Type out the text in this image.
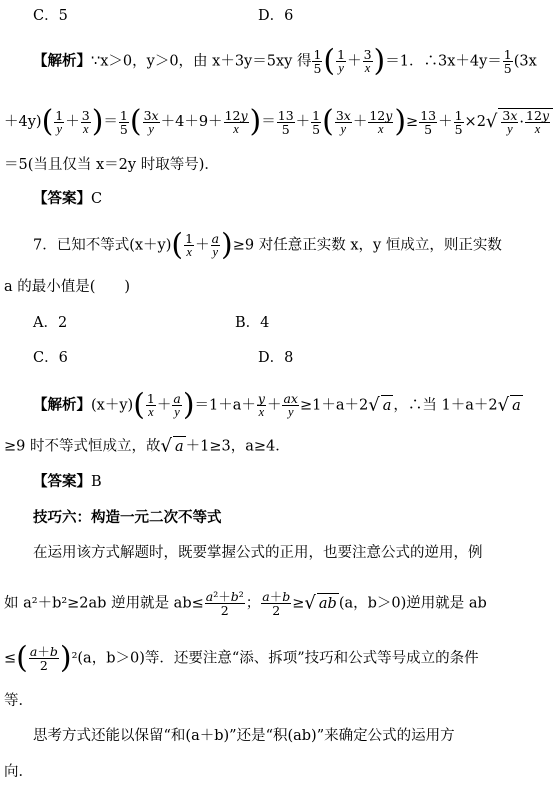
C．5	D．6
【解析】∵x＞0，y＞0，由 x＋3y＝5xy 得 $\frac{1}{5}$ ( $\frac{1}{y} + \frac{3}{x} )=1$．∴3x＋4y＝ $\frac{1}{5} (3x$
$+4y)( \frac{1}{y} + \frac{3}{x}$ )＝ $\frac{1}{5}$ ( $\frac{3x}{y} +4+9+ \frac{12y}{x}$ )＝ $\frac{13}{5} + \frac{1}{5}$ ( $\frac{3x}{y} + \frac{12y}{x}$ )≥ $\frac{13}{5} + \frac{1}{5} \times 2√ \frac{3x}{y} \cdot \frac{12y}{x}$
＝5(当且仅当 x＝2y 时取等号)．
【答案】C
7．已知不等式$(x+y)( \frac{1}{x} + \frac{a}{y} )\ge 9$ 对任意正实数 x，y 恒成立，则正实数
a 的最小值是(　　)
A．2	B．4
C．6	D．8
【解析】$(x+y)( \frac{1}{x} + \frac{a}{y} )=1+a+ \frac{y}{x} + \frac{ax}{y} \ge 1+a+2√$ a ，∴当 1＋a＋2√ a
≥9 时不等式恒成立，故√ a ＋1≥3，a≥4．
【答案】B
技巧六：构造一元二次不等式
在运用该方式解题时，既要掌握公式的正用，也要注意公式的逆用，例
如 a²＋b²≥2ab 逆用就是 $ab\le \frac{\text{a²＋b²}}{2}$ ； $\frac{a+b}{2}$ ≥√ ab (a，b＞0)逆用就是 ab
≤( $\frac{a+b}{2} )^2(a$，b＞0)等．还要注意“添、拆项”技巧和公式等号成立的条件
等．
思考方式还能以保留“和(a＋b)”还是“积(ab)”来确定公式的运用方
向．
